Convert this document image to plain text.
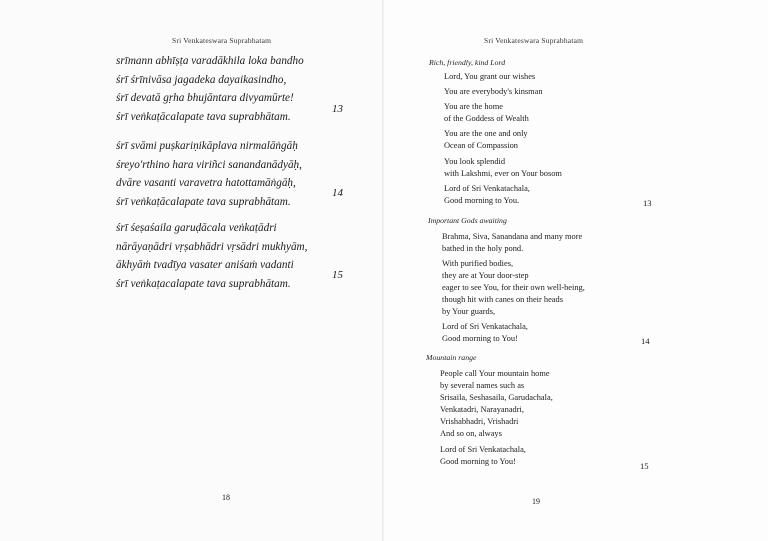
Sri Venkateswara Suprabhatam
srīmann abhīṣṭa varadākhila loka bandho
śrī śrīnivāsa jagadeka dayaikasindho,
śrī devatā gṛha bhujāntara divyamūrte!
śrī veṅkaṭācalapate tava suprabhātam.
13
śrī svāmi puṣkariṇikāplava nirmalāṅgāḥ
śreyo'rthino hara viriñci sanandanādyāḥ,
dvāre vasanti varavetra hatottamāṅgāḥ,
śrī veṅkaṭācalapate tava suprabhātam.
14
śrī śeṣaśaila garuḍācala veṅkaṭādri
nārāyaṇādri vṛṣabhādri vṛsādri mukhyām,
ākhyāṁ tvadīya vasater aniśaṁ vadanti
śrī veṅkaṭacalapate tava suprabhātam.
15
18
Sri Venkateswara Suprabhatam
Rich, friendly, kind Lord
Lord, You grant our wishes
You are everybody's kinsman
You are the home
of the Goddess of Wealth
You are the one and only
Ocean of Compassion
You look splendid
with Lakshmi, ever on Your bosom
Lord of Sri Venkatachala,
Good morning to You.	13
Important Gods awaiting
Brahma, Siva, Sanandana and many more
bathed in the holy pond.
With purified bodies,
they are at Your door-step
eager to see You, for their own well-being,
though hit with canes on their heads
by Your guards,
Lord of Sri Venkatachala,
Good morning to You!	14
Mountain range
People call Your mountain home
by several names such as
Srisaila, Seshasaila, Garudachala,
Venkatadri, Narayanadri,
Vrishabhadri, Vrishadri
And so on, always
Lord of Sri Venkatachala,
Good morning to You!	15
19
